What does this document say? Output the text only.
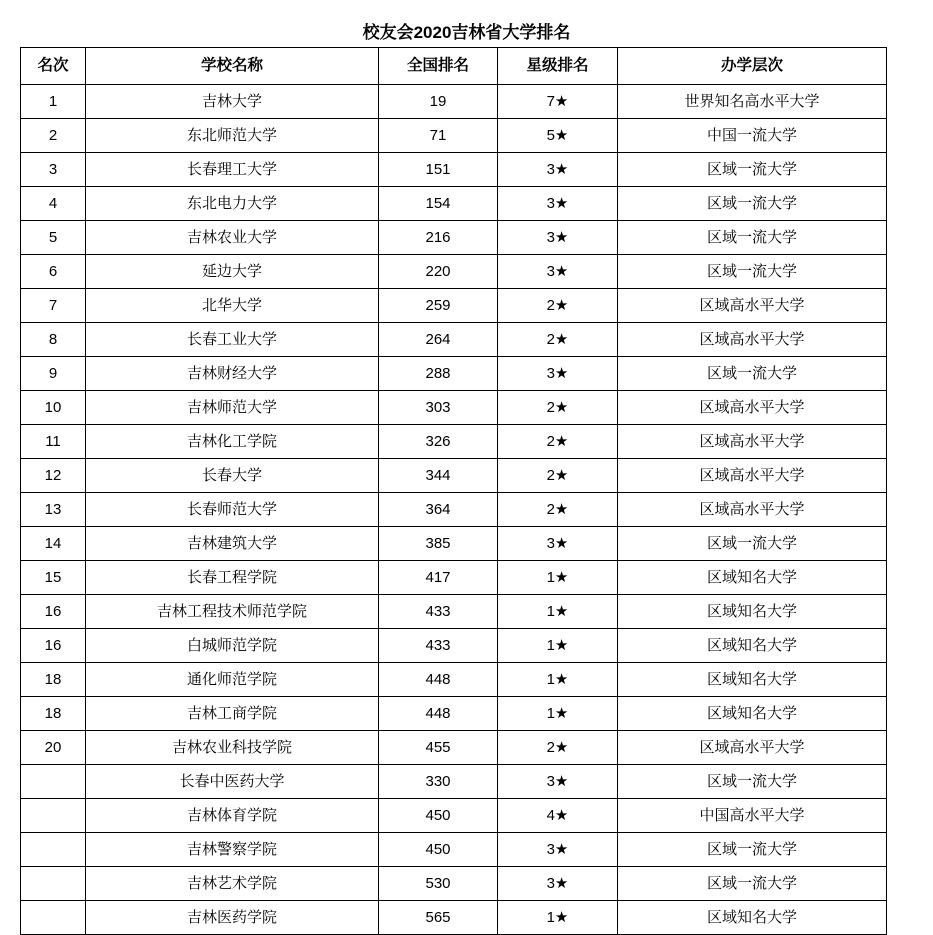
校友会2020吉林省大学排名
名次	学校名称	全国排名	星级排名	办学层次
1	吉林大学	19	7★	世界知名高水平大学
2	东北师范大学	71	5★	中国一流大学
3	长春理工大学	151	3★	区域一流大学
4	东北电力大学	154	3★	区域一流大学
5	吉林农业大学	216	3★	区域一流大学
6	延边大学	220	3★	区域一流大学
7	北华大学	259	2★	区域高水平大学
8	长春工业大学	264	2★	区域高水平大学
9	吉林财经大学	288	3★	区域一流大学
10	吉林师范大学	303	2★	区域高水平大学
11	吉林化工学院	326	2★	区域高水平大学
12	长春大学	344	2★	区域高水平大学
13	长春师范大学	364	2★	区域高水平大学
14	吉林建筑大学	385	3★	区域一流大学
15	长春工程学院	417	1★	区域知名大学
16	吉林工程技术师范学院	433	1★	区域知名大学
16	白城师范学院	433	1★	区域知名大学
18	通化师范学院	448	1★	区域知名大学
18	吉林工商学院	448	1★	区域知名大学
20	吉林农业科技学院	455	2★	区域高水平大学
	长春中医药大学	330	3★	区域一流大学
	吉林体育学院	450	4★	中国高水平大学
	吉林警察学院	450	3★	区域一流大学
	吉林艺术学院	530	3★	区域一流大学
	吉林医药学院	565	1★	区域知名大学
